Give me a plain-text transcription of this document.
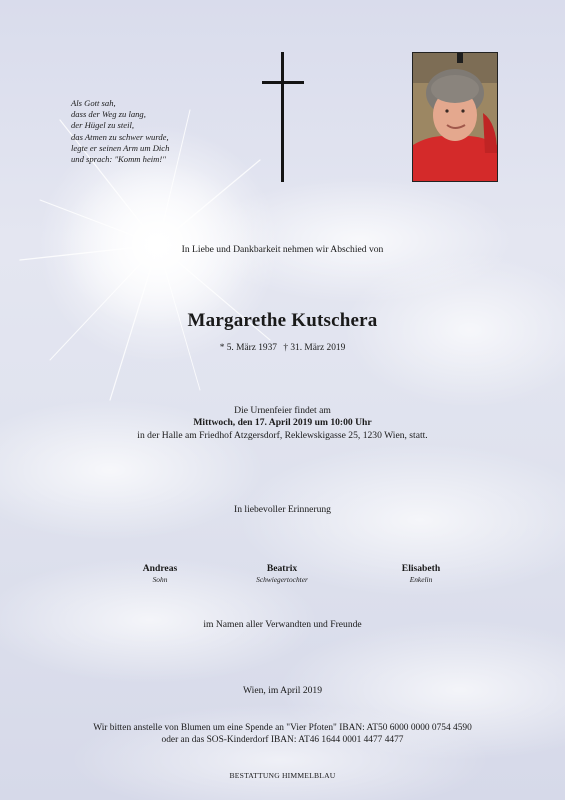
Als Gott sah,
dass der Weg zu lang,
der Hügel zu steil,
das Atmen zu schwer wurde,
legte er seinen Arm um Dich
und sprach: "Komm heim!"
In Liebe und Dankbarkeit nehmen wir Abschied von
Margarethe Kutschera
* 5. März 1937 † 31. März 2019
Die Urnenfeier findet am
Mittwoch, den 17. April 2019 um 10:00 Uhr
in der Halle am Friedhof Atzgersdorf, Reklewskigasse 25, 1230 Wien, statt.
In liebevoller Erinnerung
Andreas
Sohn
Beatrix
Schwiegertochter
Elisabeth
Enkelin
im Namen aller Verwandten und Freunde
Wien, im April 2019
Wir bitten anstelle von Blumen um eine Spende an "Vier Pfoten" IBAN: AT50 6000 0000 0754 4590
oder an das SOS-Kinderdorf IBAN: AT46 1644 0001 4477 4477
BESTATTUNG HIMMELBLAU
